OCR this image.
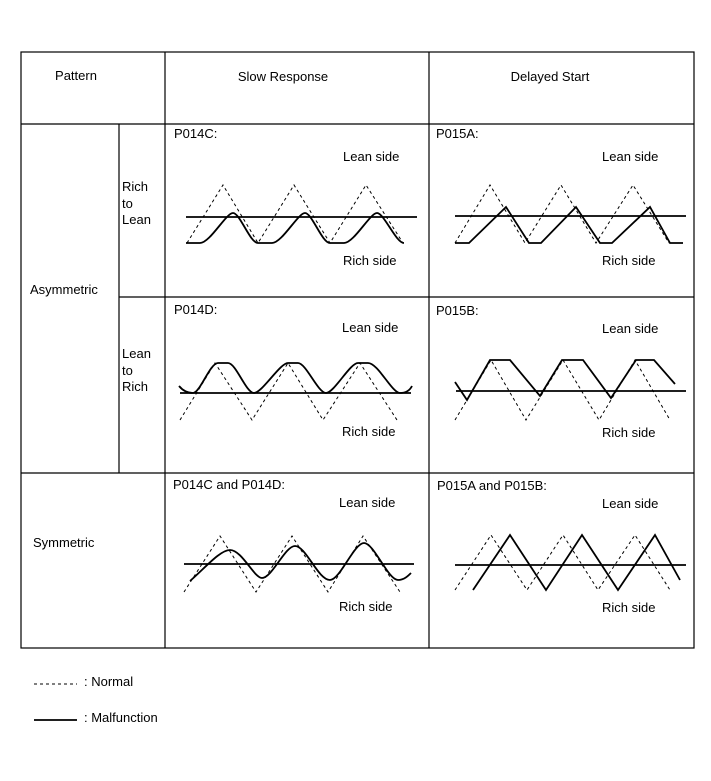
Pattern	Slow Response	Delayed Start
Asymmetric
Symmetric
Rich
to
Lean
Lean
to
Rich
P014C:
Lean side
Rich side
P015A:
Lean side
Rich side
P014D:
Lean side
Rich side
P015B:
Lean side
Rich side
P014C and P014D:
Lean side
Rich side
P015A and P015B:
Lean side
Rich side
: Normal
: Malfunction
